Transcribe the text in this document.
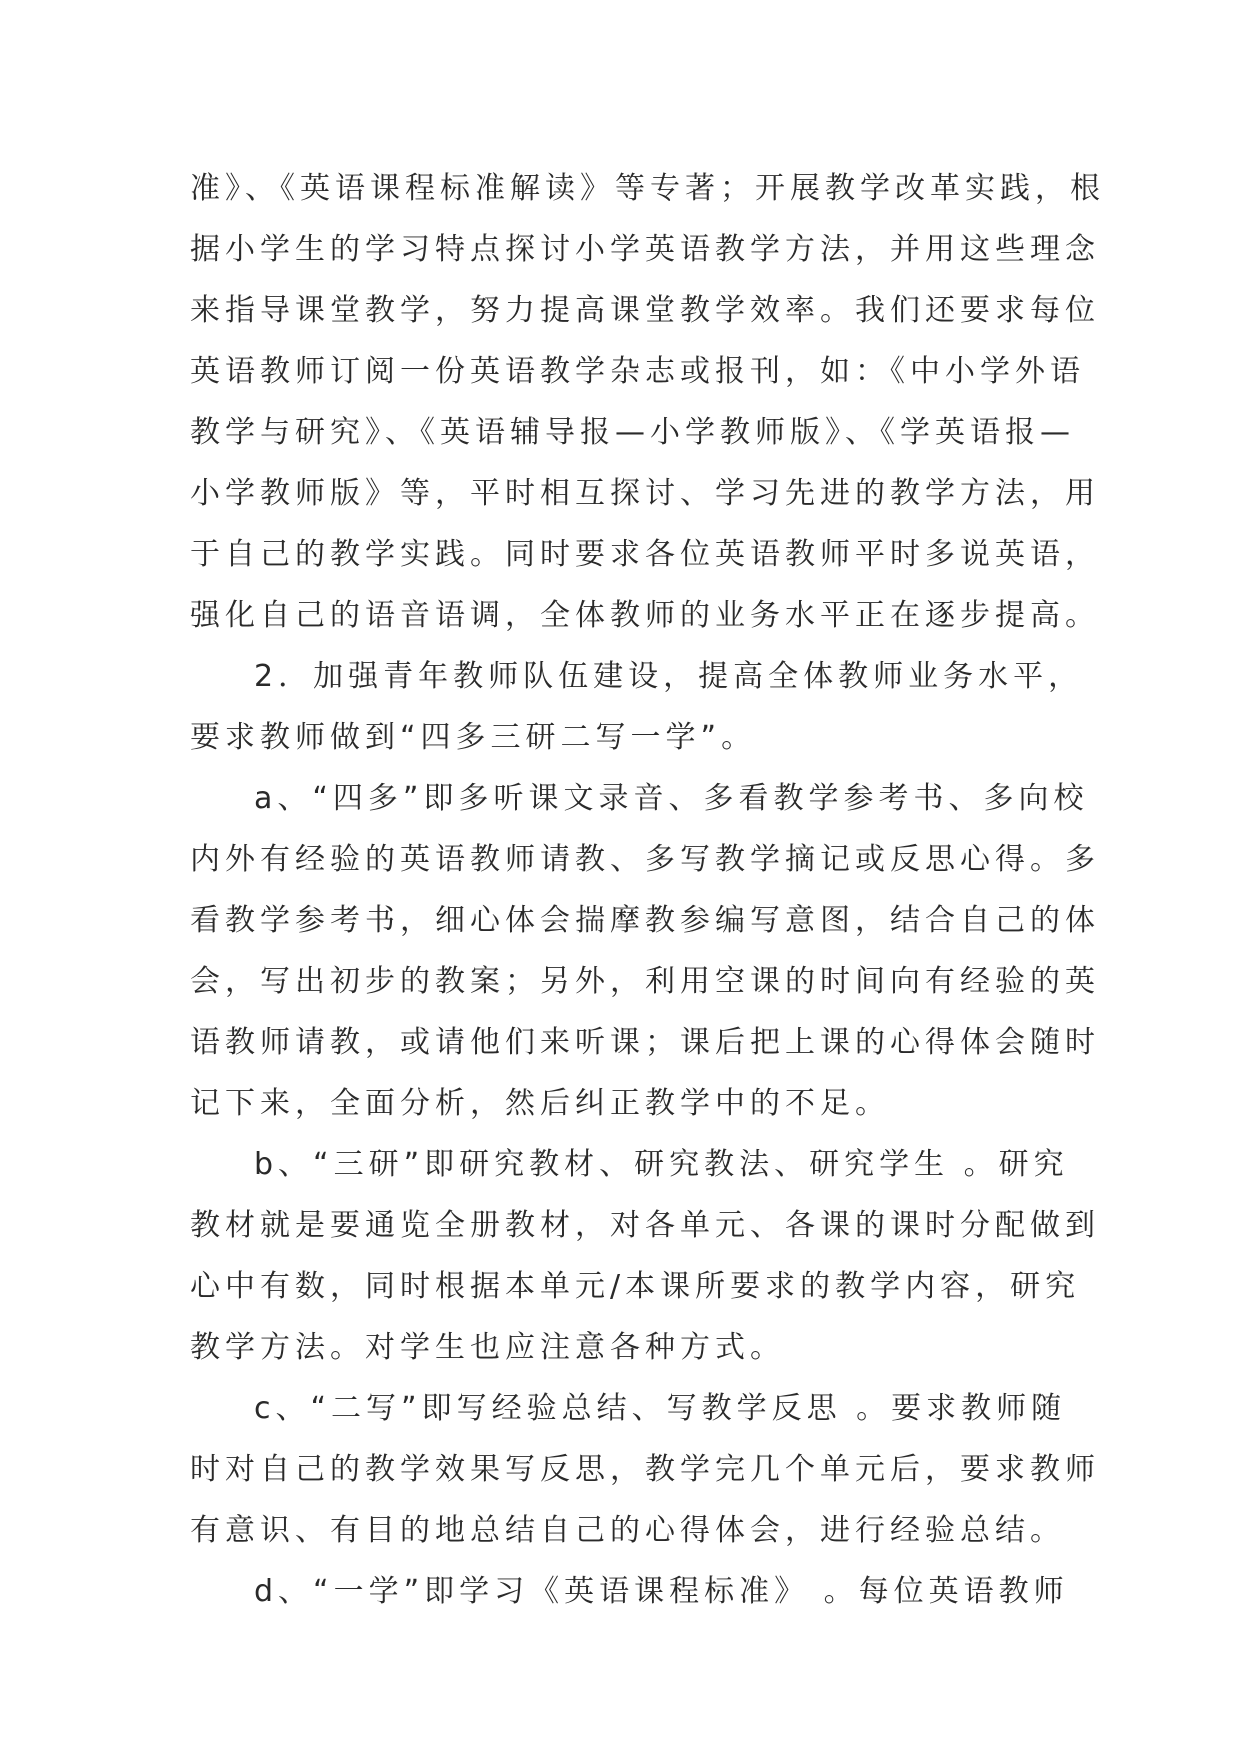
准》、《英语课程标准解读》等专著；开展教学改革实践，根
据小学生的学习特点探讨小学英语教学方法，并用这些理念
来指导课堂教学，努力提高课堂教学效率。我们还要求每位
英语教师订阅一份英语教学杂志或报刊，如：《中小学外语
教学与研究》、《英语辅导报—小学教师版》、《学英语报—
小学教师版》等，平时相互探讨、学习先进的教学方法，用
于自己的教学实践。同时要求各位英语教师平时多说英语，
强化自己的语音语调，全体教师的业务水平正在逐步提高。
2．加强青年教师队伍建设，提高全体教师业务水平，
要求教师做到“四多三研二写一学”。
a、“四多”即多听课文录音、多看教学参考书、多向校
内外有经验的英语教师请教、多写教学摘记或反思心得。多
看教学参考书，细心体会揣摩教参编写意图，结合自己的体
会，写出初步的教案；另外，利用空课的时间向有经验的英
语教师请教，或请他们来听课；课后把上课的心得体会随时
记下来，全面分析，然后纠正教学中的不足。
b、“三研”即研究教材、研究教法、研究学生 。研究
教材就是要通览全册教材，对各单元、各课的课时分配做到
心中有数，同时根据本单元/本课所要求的教学内容，研究
教学方法。对学生也应注意各种方式。
c、“二写”即写经验总结、写教学反思 。要求教师随
时对自己的教学效果写反思，教学完几个单元后，要求教师
有意识、有目的地总结自己的心得体会，进行经验总结。
d、“一学”即学习《英语课程标准》 。每位英语教师
